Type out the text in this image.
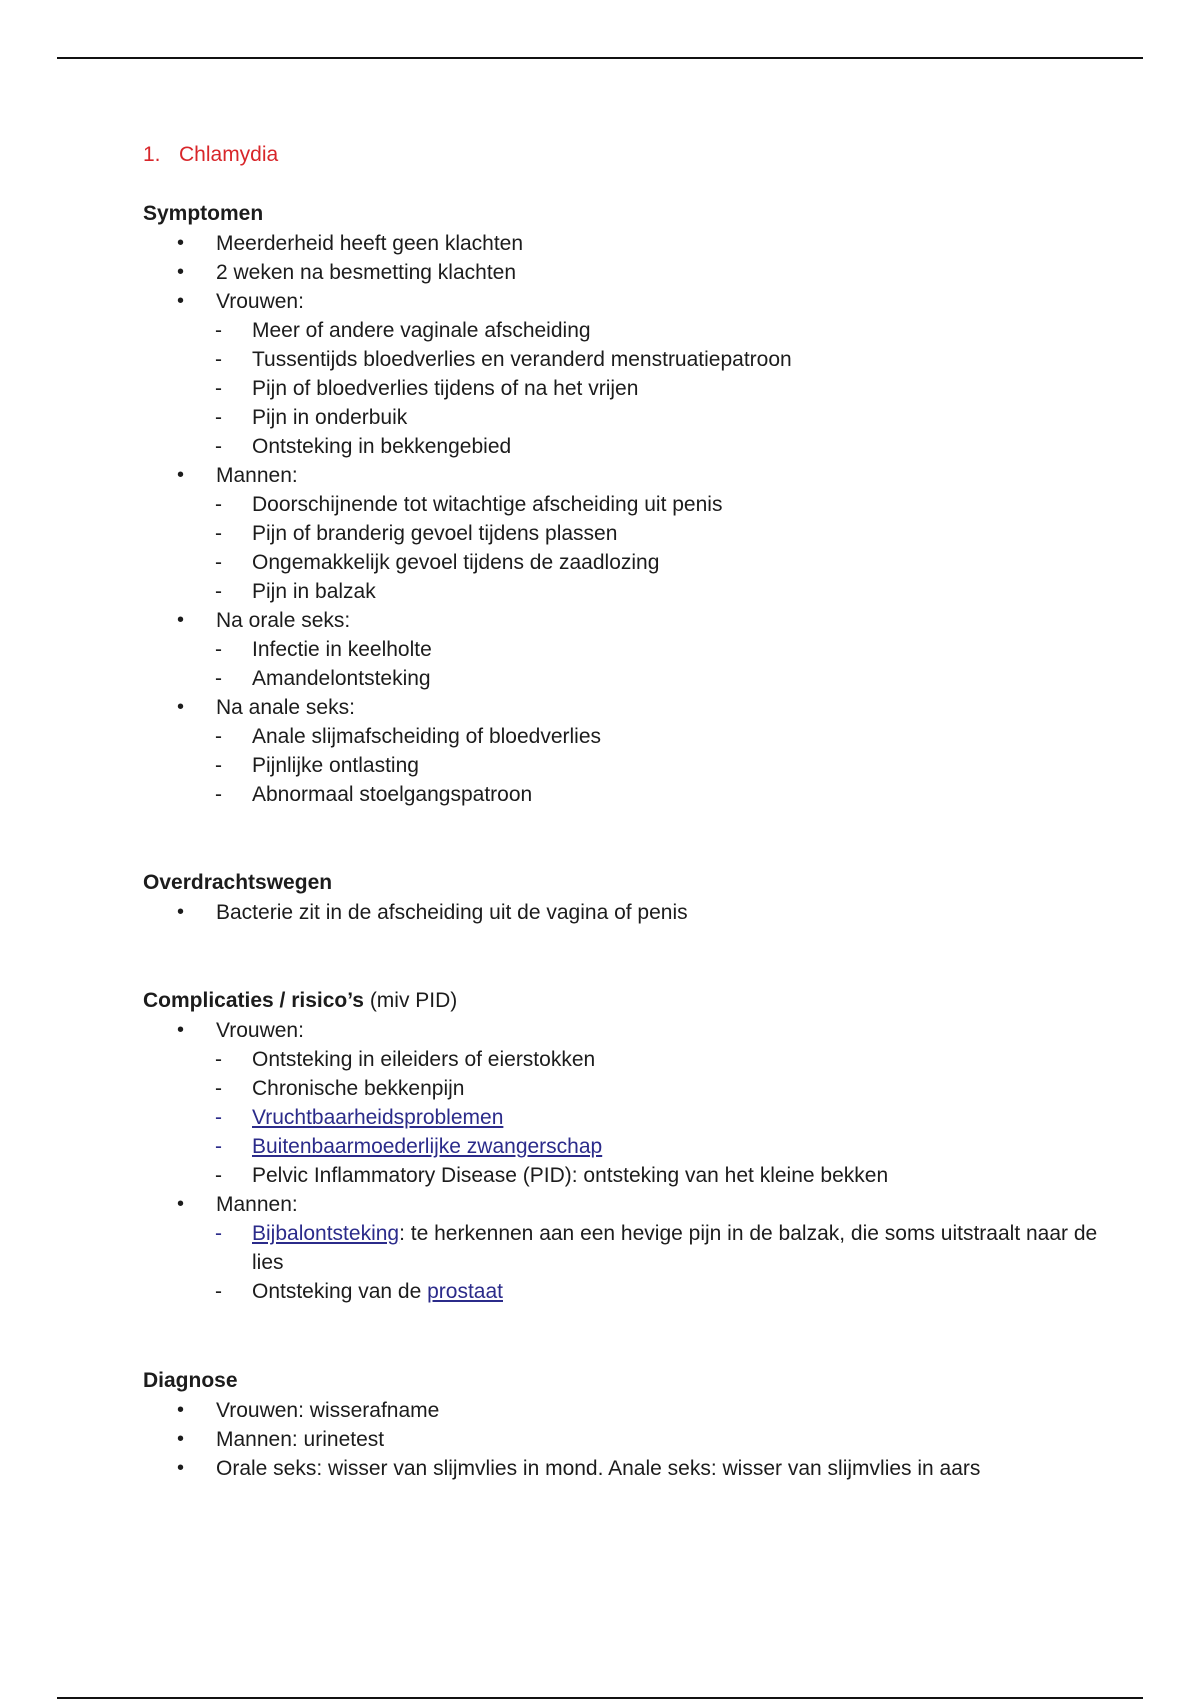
1. Chlamydia
Symptomen
•	Meerderheid heeft geen klachten
•	2 weken na besmetting klachten
•	Vrouwen:
- Meer of andere vaginale afscheiding
- Tussentijds bloedverlies en veranderd menstruatiepatroon
- Pijn of bloedverlies tijdens of na het vrijen
- Pijn in onderbuik
- Ontsteking in bekkengebied
•	Mannen:
- Doorschijnende tot witachtige afscheiding uit penis
- Pijn of branderig gevoel tijdens plassen
- Ongemakkelijk gevoel tijdens de zaadlozing
- Pijn in balzak
•	Na orale seks:
- Infectie in keelholte
- Amandelontsteking
•	Na anale seks:
- Anale slijmafscheiding of bloedverlies
- Pijnlijke ontlasting
- Abnormaal stoelgangspatroon
Overdrachtswegen
•	Bacterie zit in de afscheiding uit de vagina of penis
Complicaties / risico’s (miv PID)
•	Vrouwen:
- Ontsteking in eileiders of eierstokken
- Chronische bekkenpijn
- Vruchtbaarheidsproblemen
- Buitenbaarmoederlijke zwangerschap
- Pelvic Inflammatory Disease (PID): ontsteking van het kleine bekken
•	Mannen:
- Bijbalontsteking: te herkennen aan een hevige pijn in de balzak, die soms uitstraalt naar de lies
- Ontsteking van de prostaat
Diagnose
•	Vrouwen: wisserafname
•	Mannen: urinetest
•	Orale seks: wisser van slijmvlies in mond. Anale seks: wisser van slijmvlies in aars
